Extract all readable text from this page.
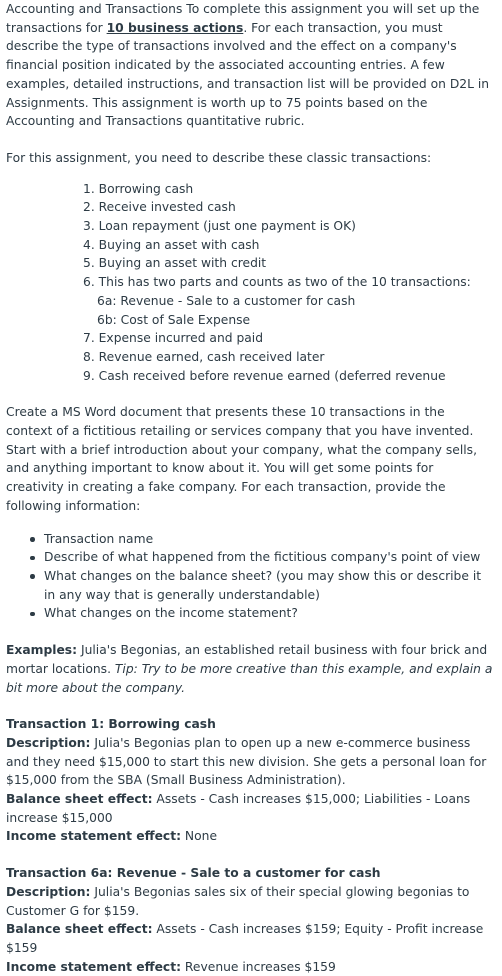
Accounting and Transactions To complete this assignment you will set up the transactions for 10 business actions. For each transaction, you must describe the type of transactions involved and the effect on a company's financial position indicated by the associated accounting entries. A few examples, detailed instructions, and transaction list will be provided on D2L in Assignments. This assignment is worth up to 75 points based on the Accounting and Transactions quantitative rubric.

For this assignment, you need to describe these classic transactions:

1. Borrowing cash
2. Receive invested cash
3. Loan repayment (just one payment is OK)
4. Buying an asset with cash
5. Buying an asset with credit
6. This has two parts and counts as two of the 10 transactions:
6a: Revenue - Sale to a customer for cash
6b: Cost of Sale Expense
7. Expense incurred and paid
8. Revenue earned, cash received later
9. Cash received before revenue earned (deferred revenue

Create a MS Word document that presents these 10 transactions in the context of a fictitious retailing or services company that you have invented. Start with a brief introduction about your company, what the company sells, and anything important to know about it. You will get some points for creativity in creating a fake company. For each transaction, provide the following information:

Transaction name
Describe of what happened from the fictitious company's point of view
What changes on the balance sheet? (you may show this or describe it in any way that is generally understandable)
What changes on the income statement?

Examples: Julia's Begonias, an established retail business with four brick and mortar locations. Tip: Try to be more creative than this example, and explain a bit more about the company.

Transaction 1: Borrowing cash

Description: Julia's Begonias plan to open up a new e-commerce business and they need $15,000 to start this new division. She gets a personal loan for $15,000 from the SBA (Small Business Administration).

Balance sheet effect: Assets - Cash increases $15,000; Liabilities - Loans increase $15,000

Income statement effect: None

Transaction 6a: Revenue - Sale to a customer for cash

Description: Julia's Begonias sales six of their special glowing begonias to Customer G for $159.

Balance sheet effect: Assets - Cash increases $159; Equity - Profit increase $159

Income statement effect: Revenue increases $159
